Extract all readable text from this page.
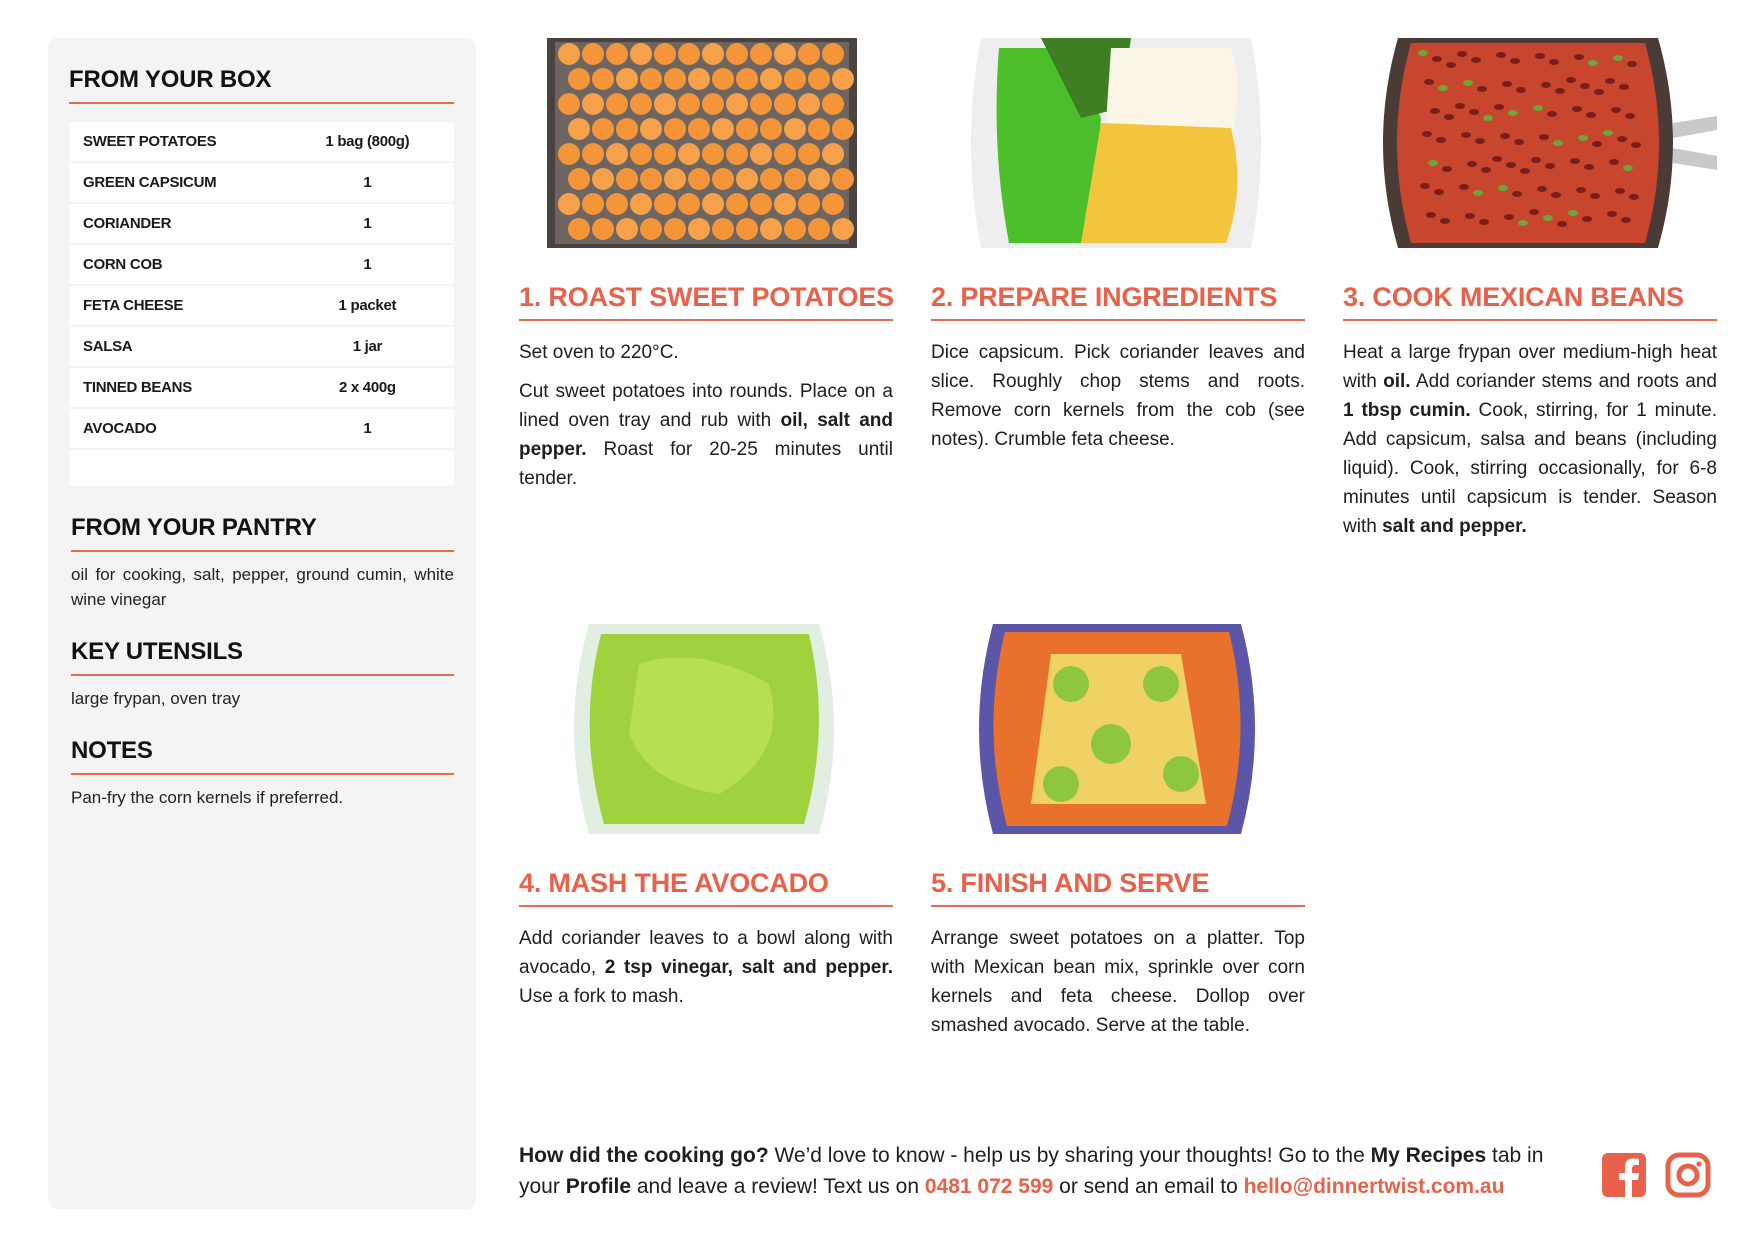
FROM YOUR BOX
SWEET POTATOES	1 bag (800g)
GREEN CAPSICUM	1
CORIANDER	1
CORN COB	1
FETA CHEESE	1 packet
SALSA	1 jar
TINNED BEANS	2 x 400g
AVOCADO	1

FROM YOUR PANTRY
oil for cooking, salt, pepper, ground cumin, white wine vinegar
KEY UTENSILS
large frypan, oven tray
NOTES
Pan-fry the corn kernels if preferred.
1. ROAST SWEET POTATOES

Set oven to 220°C.

Cut sweet potatoes into rounds. Place on a lined oven tray and rub with oil, salt and pepper. Roast for 20-25 minutes until tender.

2. PREPARE INGREDIENTS

Dice capsicum. Pick coriander leaves and slice. Roughly chop stems and roots. Remove corn kernels from the cob (see notes). Crumble feta cheese.

3. COOK MEXICAN BEANS

Heat a large frypan over medium-high heat with oil. Add coriander stems and roots and 1 tbsp cumin. Cook, stirring, for 1 minute. Add capsicum, salsa and beans (including liquid). Cook, stirring occasionally, for 6-8 minutes until capsicum is tender. Season with salt and pepper.

4. MASH THE AVOCADO

Add coriander leaves to a bowl along with avocado, 2 tsp vinegar, salt and pepper. Use a fork to mash.

5. FINISH AND SERVE

Arrange sweet potatoes on a platter. Top with Mexican bean mix, sprinkle over corn kernels and feta cheese. Dollop over smashed avocado. Serve at the table.

How did the cooking go? We’d love to know - help us by sharing your thoughts! Go to the My Recipes tab in your Profile and leave a review! Text us on 0481 072 599 or send an email to hello@dinnertwist.com.au
